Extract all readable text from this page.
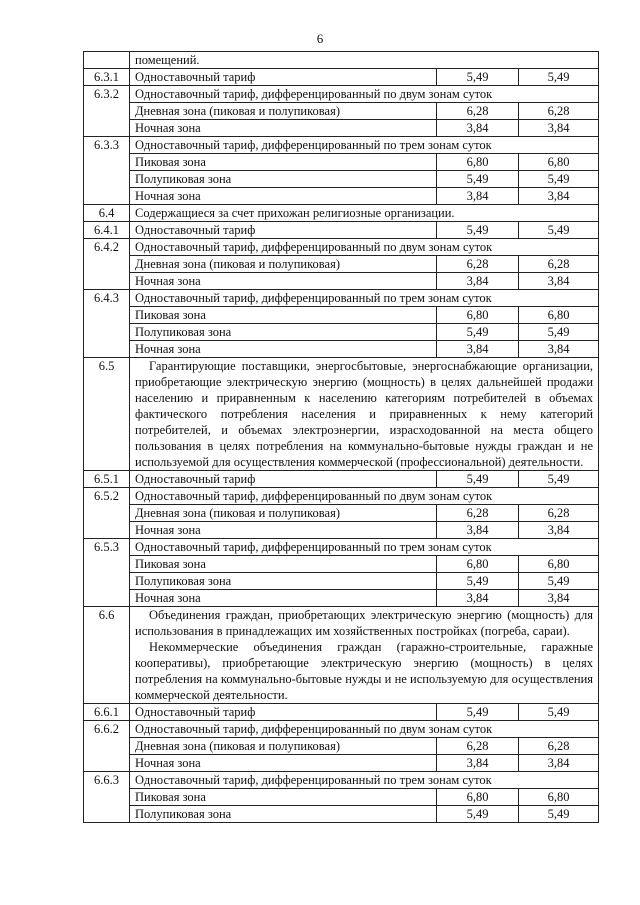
6
	помещений.		
6.3.1	Одноставочный тариф	5,49	5,49
6.3.2	Одноставочный тариф, дифференцированный по двум зонам суток		
	Дневная зона (пиковая и полупиковая)	6,28	6,28
	Ночная зона	3,84	3,84
6.3.3	Одноставочный тариф, дифференцированный по трем зонам суток		
	Пиковая зона	6,80	6,80
	Полупиковая зона	5,49	5,49
	Ночная зона	3,84	3,84
6.4	Содержащиеся за счет прихожан религиозные организации.		
6.4.1	Одноставочный тариф	5,49	5,49
6.4.2	Одноставочный тариф, дифференцированный по двум зонам суток		
	Дневная зона (пиковая и полупиковая)	6,28	6,28
	Ночная зона	3,84	3,84
6.4.3	Одноставочный тариф, дифференцированный по трем зонам суток		
	Пиковая зона	6,80	6,80
	Полупиковая зона	5,49	5,49
	Ночная зона	3,84	3,84
6.5	Гарантирующие поставщики, энергосбытовые, энергоснабжающие организации, приобретающие электрическую энергию (мощность) в целях дальнейшей продажи населению и приравненным к населению категориям потребителей в объемах фактического потребления населения и приравненных к нему категорий потребителей, и объемах электроэнергии, израсходованной на места общего пользования в целях потребления на коммунально-бытовые нужды граждан и не используемой для осуществления коммерческой (профессиональной) деятельности.		

6.5.1	Одноставочный тариф	5,49	5,49
6.5.2	Одноставочный тариф, дифференцированный по двум зонам суток		
	Дневная зона (пиковая и полупиковая)	6,28	6,28
	Ночная зона	3,84	3,84
6.5.3	Одноставочный тариф, дифференцированный по трем зонам суток		
	Пиковая зона	6,80	6,80
	Полупиковая зона	5,49	5,49
	Ночная зона	3,84	3,84
6.6	Объединения граждан, приобретающих электрическую энергию (мощность) для использования в принадлежащих им хозяйственных постройках (погреба, сараи).

Некоммерческие объединения граждан (гаражно-строительные, гаражные кооперативы), приобретающие электрическую энергию (мощность) в целях потребления на коммунально-бытовые нужды и не используемую для осуществления коммерческой деятельности.		

6.6.1	Одноставочный тариф	5,49	5,49
6.6.2	Одноставочный тариф, дифференцированный по двум зонам суток		
	Дневная зона (пиковая и полупиковая)	6,28	6,28
	Ночная зона	3,84	3,84
6.6.3	Одноставочный тариф, дифференцированный по трем зонам суток		
	Пиковая зона	6,80	6,80
	Полупиковая зона	5,49	5,49
